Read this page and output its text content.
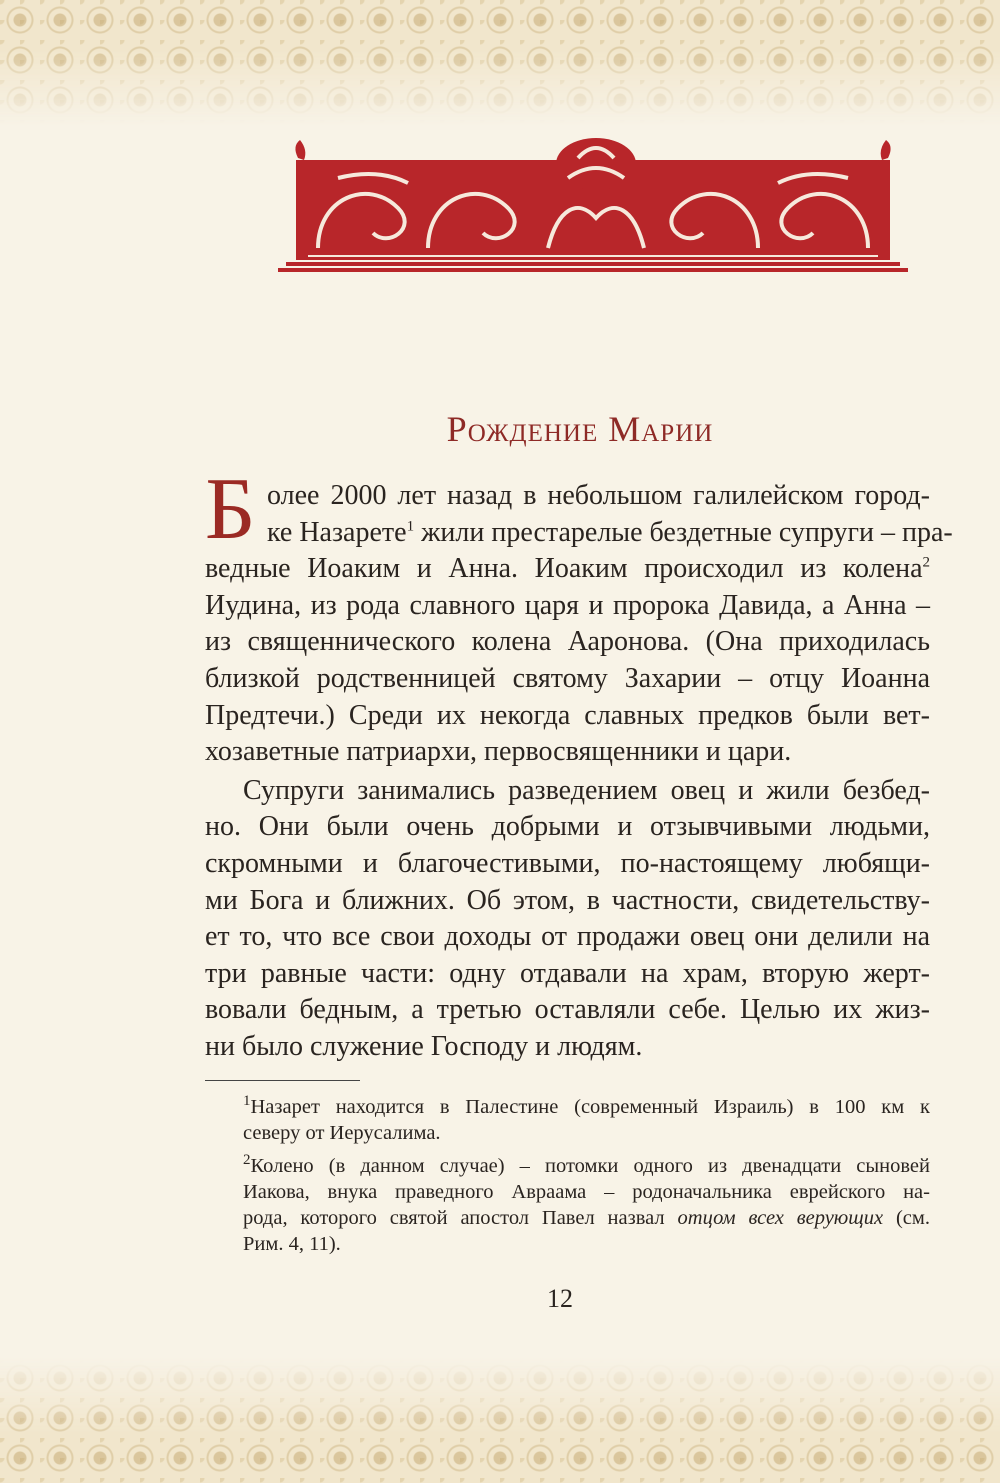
Рождение Марии
Б олее 2000 лет назад в небольшом галилейском город-
ке Назарете$^1$ жили престарелые бездетные супруги – пра-
ведные Иоаким и Анна. Иоаким происходил из колена$^2$
Иудина, из рода славного царя и пророка Давида, а Анна –
из священнического колена Ааронова. (Она приходилась
близкой родственницей святому Захарии – отцу Иоанна
Предтечи.) Среди их некогда славных предков были вет-
хозаветные патриархи, первосвященники и цари.
Супруги занимались разведением овец и жили безбед-
но. Они были очень добрыми и отзывчивыми людьми,
скромными и благочестивыми, по-настоящему любящи-
ми Бога и ближних. Об этом, в частности, свидетельству-
ет то, что все свои доходы от продажи овец они делили на
три равные части: одну отдавали на храм, вторую жерт-
вовали бедным, а третью оставляли себе. Целью их жиз-
ни было служение Господу и людям.
$^1$Назарет находится в Палестине (современный Израиль) в 100 км к
северу от Иерусалима.
$^2$Колено (в данном случае) – потомки одного из двенадцати сыновей
Иакова, внука праведного Авраама – родоначальника еврейского на-
рода, которого святой апостол Павел назвал отцом всех верующих (см.
Рим. 4, 11).
12
